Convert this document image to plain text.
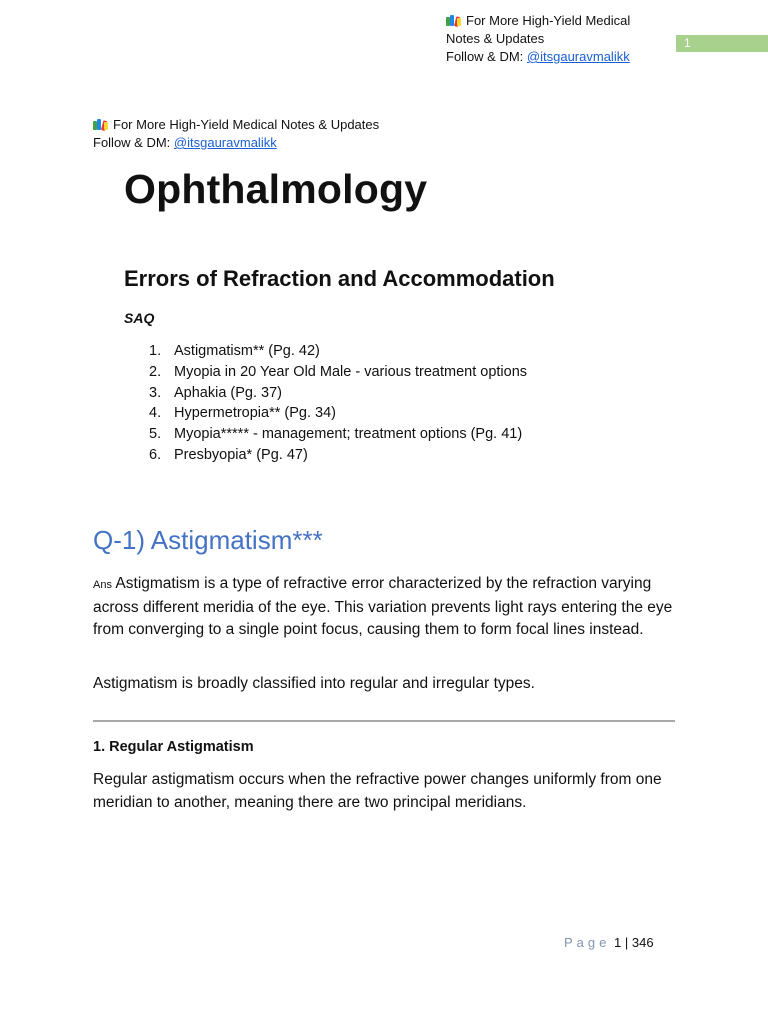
For More High-Yield Medical
Notes & Updates
Follow & DM: @itsgauravmalikk
1
For More High-Yield Medical Notes & Updates
Follow & DM: @itsgauravmalikk
Ophthalmology
Errors of Refraction and Accommodation
SAQ
1. Astigmatism** (Pg. 42)
2. Myopia in 20 Year Old Male - various treatment options
3. Aphakia (Pg. 37)
4. Hypermetropia** (Pg. 34)
5. Myopia***** - management; treatment options (Pg. 41)
6. Presbyopia* (Pg. 47)
Q-1) Astigmatism***

Ans Astigmatism is a type of refractive error characterized by the refraction varying across different meridia of the eye. This variation prevents light rays entering the eye from converging to a single point focus, causing them to form focal lines instead.

Astigmatism is broadly classified into regular and irregular types.

1. Regular Astigmatism

Regular astigmatism occurs when the refractive power changes uniformly from one meridian to another, meaning there are two principal meridians.

Page 1 | 346
